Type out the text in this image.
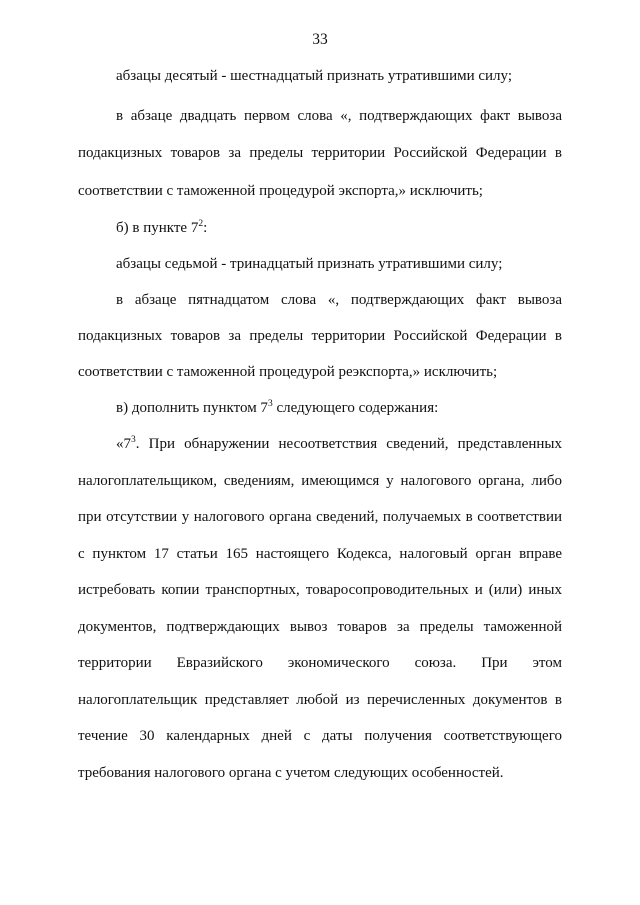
33
абзацы десятый - шестнадцатый признать утратившими силу;
в абзаце двадцать первом слова «, подтверждающих факт вывоза
подакцизных товаров за пределы территории Российской Федерации в
соответствии с таможенной процедурой экспорта,» исключить;
б) в пункте $7^2$:
абзацы седьмой - тринадцатый признать утратившими силу;
в абзаце пятнадцатом слова «, подтверждающих факт вывоза
подакцизных товаров за пределы территории Российской Федерации в
соответствии с таможенной процедурой реэкспорта,» исключить;
в) дополнить пунктом $7^3$ следующего содержания:
«$7^3$. При обнаружении несоответствия сведений, представленных
налогоплательщиком, сведениям, имеющимся у налогового органа, либо
при отсутствии у налогового органа сведений, получаемых в соответствии
с пунктом 17 статьи 165 настоящего Кодекса, налоговый орган вправе
истребовать копии транспортных, товаросопроводительных и (или) иных
документов, подтверждающих вывоз товаров за пределы таможенной
территории Евразийского экономического союза. При этом
налогоплательщик представляет любой из перечисленных документов в
течение 30 календарных дней с даты получения соответствующего
требования налогового органа с учетом следующих особенностей.
